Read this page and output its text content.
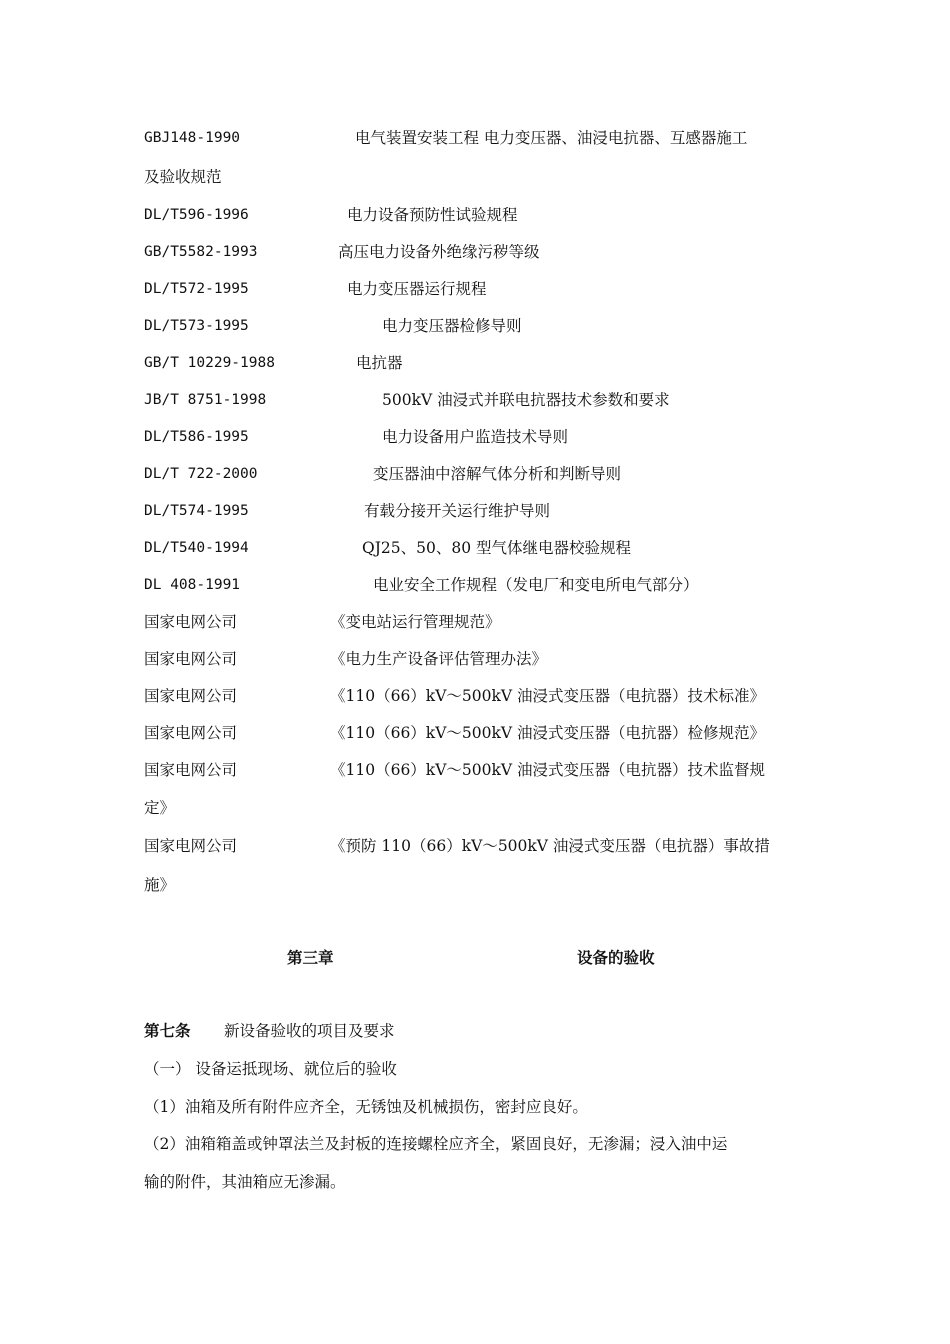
GBJ148-1990	电气装置安装工程 电力变压器、油浸电抗器、互感器施工
及验收规范
DL/T596-1996	电力设备预防性试验规程
GB/T5582-1993	高压电力设备外绝缘污秽等级
DL/T572-1995	电力变压器运行规程
DL/T573-1995	电力变压器检修导则
GB/T 10229-1988	电抗器
JB/T 8751-1998	500kV 油浸式并联电抗器技术参数和要求
DL/T586-1995	电力设备用户监造技术导则
DL/T 722-2000	变压器油中溶解气体分析和判断导则
DL/T574-1995	有载分接开关运行维护导则
DL/T540-1994	QJ25、50、80 型气体继电器校验规程
DL 408-1991	电业安全工作规程（发电厂和变电所电气部分）
国家电网公司	《变电站运行管理规范》
国家电网公司	《电力生产设备评估管理办法》
国家电网公司	《110（66）kV～500kV 油浸式变压器（电抗器）技术标准》
国家电网公司	《110（66）kV～500kV 油浸式变压器（电抗器）检修规范》
国家电网公司	《110（66）kV～500kV 油浸式变压器（电抗器）技术监督规
定》
国家电网公司	《预防 110（66）kV～500kV 油浸式变压器（电抗器）事故措
施》
第三章	设备的验收
第七条 新设备验收的项目及要求
（一） 设备运抵现场、就位后的验收
（1）油箱及所有附件应齐全，无锈蚀及机械损伤，密封应良好。
（2）油箱箱盖或钟罩法兰及封板的连接螺栓应齐全，紧固良好，无渗漏；浸入油中运
输的附件，其油箱应无渗漏。
